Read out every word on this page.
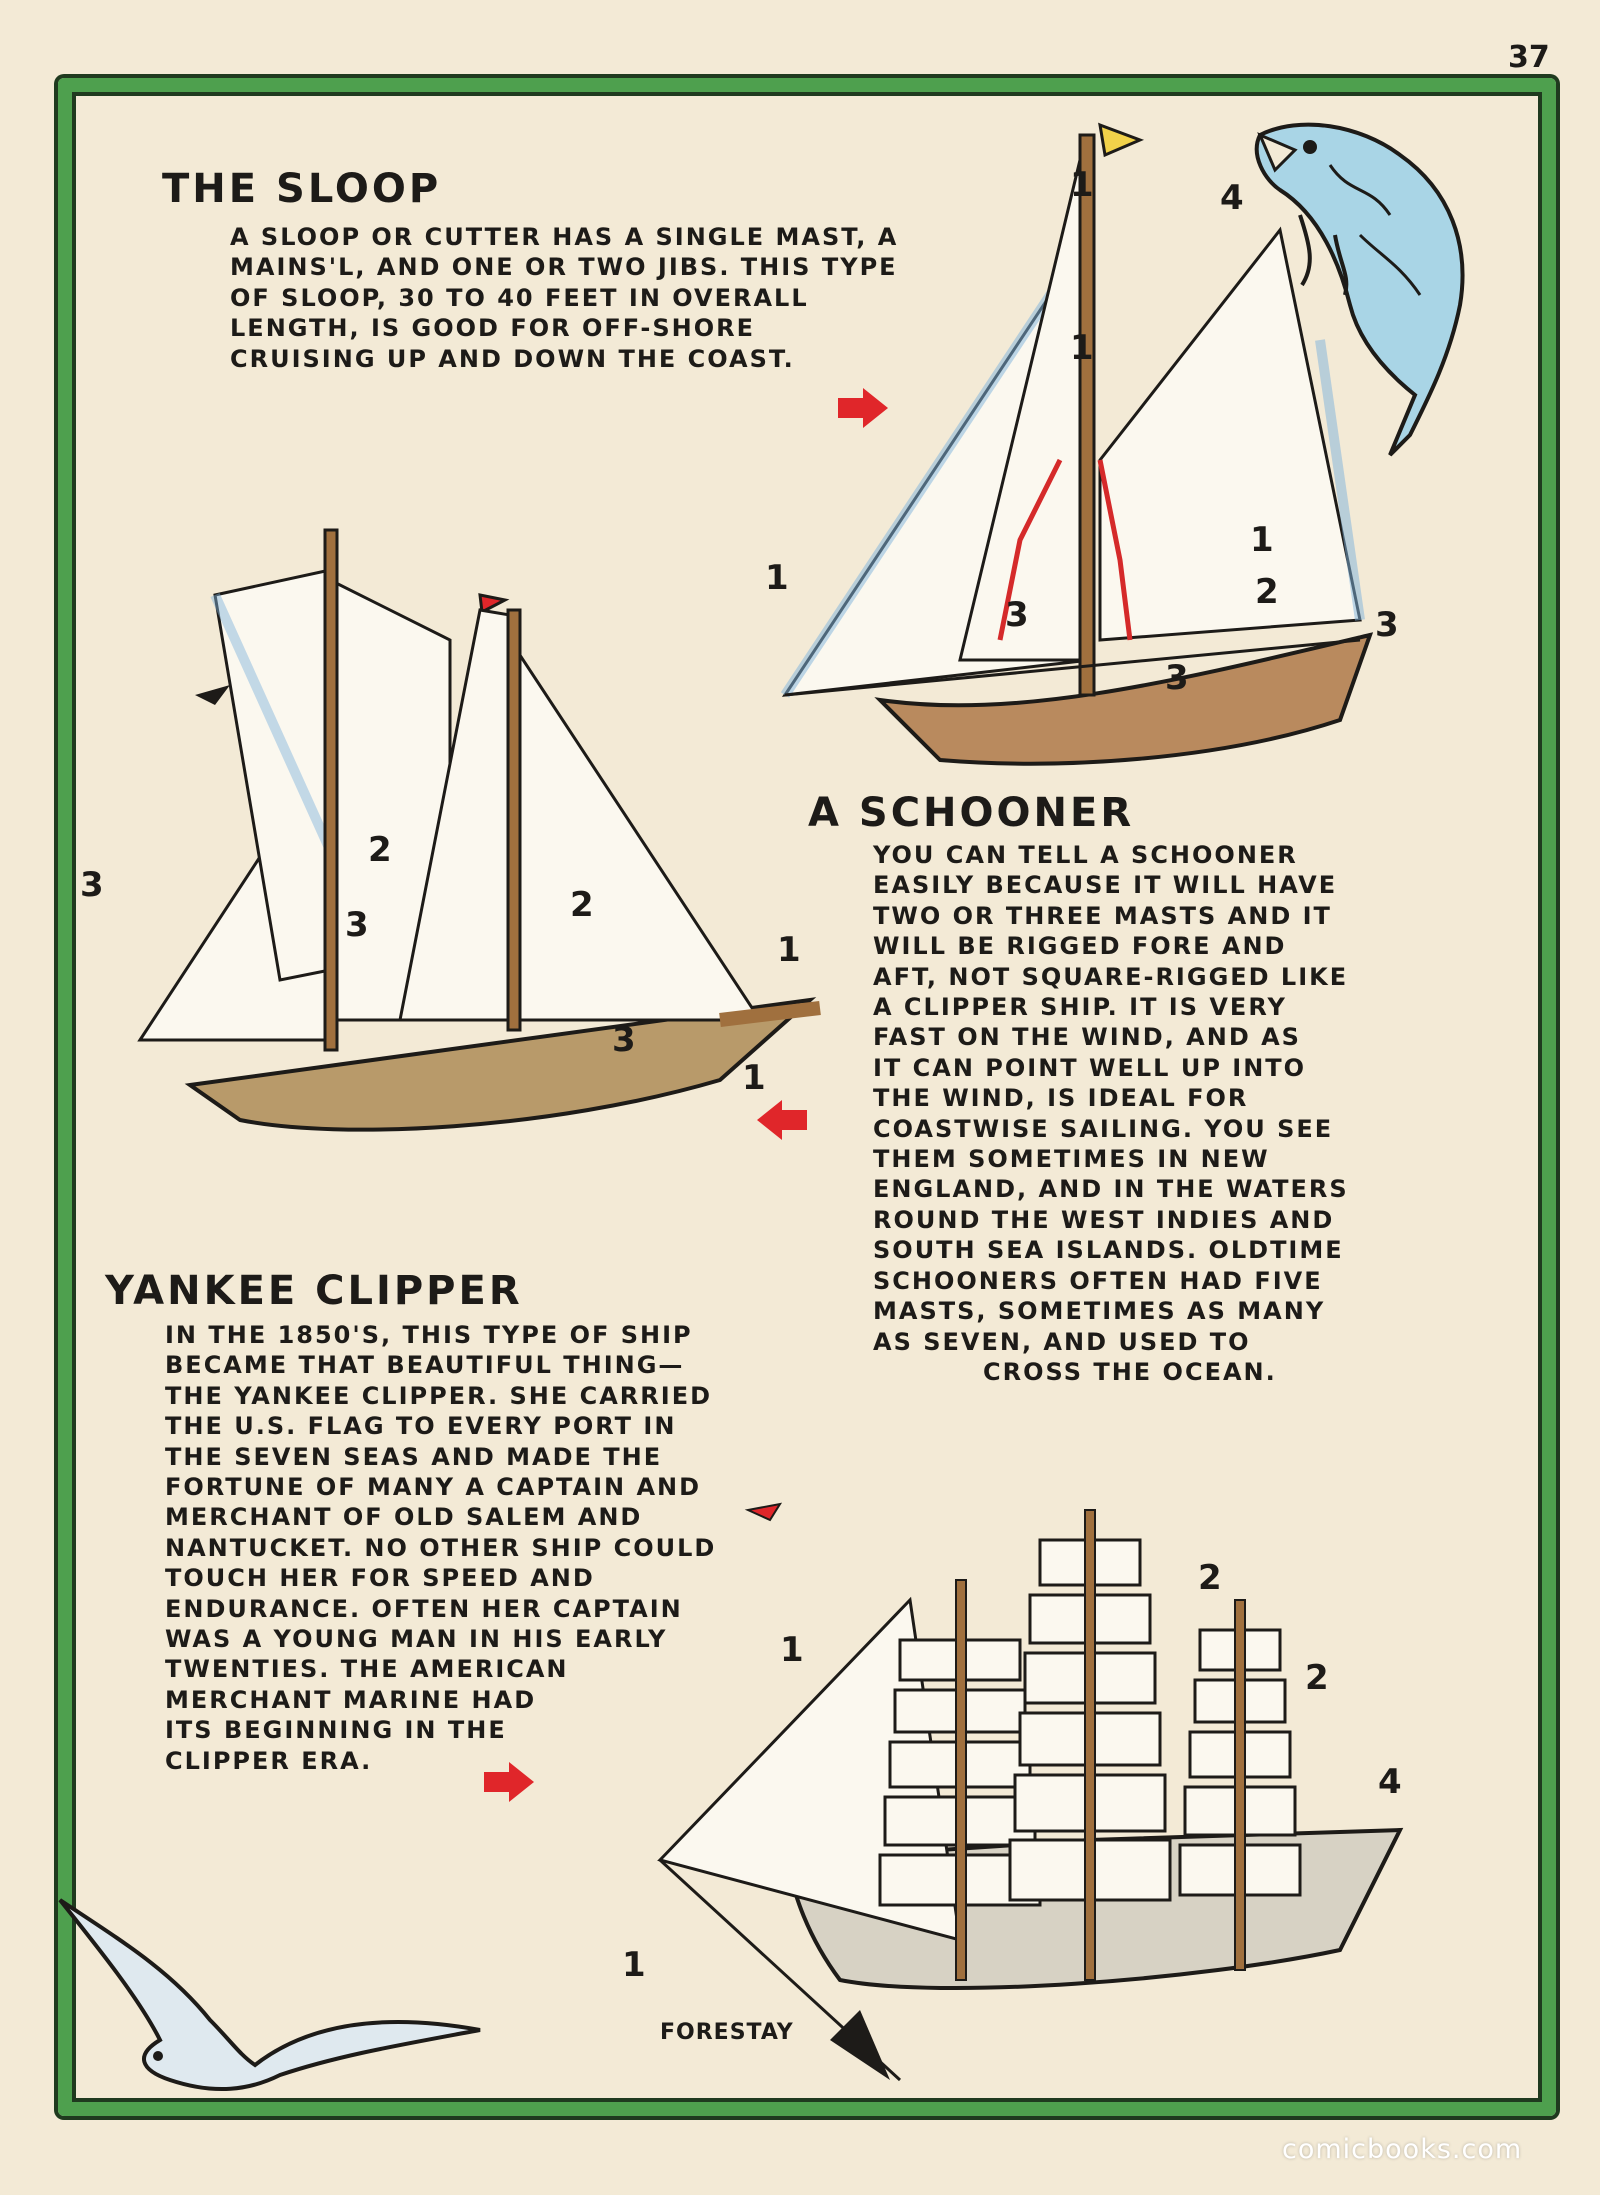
37
THE SLOOP
A SLOOP OR CUTTER HAS A SINGLE MAST, A
MAINS'L, AND ONE OR TWO JIBS. THIS TYPE
OF SLOOP, 30 TO 40 FEET IN OVERALL
LENGTH, IS GOOD FOR OFF-SHORE
CRUISING UP AND DOWN THE COAST.
1	4
1
1
1
2
3	3
3
A SCHOONER
YOU CAN TELL A SCHOONER
EASILY BECAUSE IT WILL HAVE
TWO OR THREE MASTS AND IT
WILL BE RIGGED FORE AND
AFT, NOT SQUARE-RIGGED LIKE
A CLIPPER SHIP. IT IS VERY
FAST ON THE WIND, AND AS
IT CAN POINT WELL UP INTO
THE WIND, IS IDEAL FOR
COASTWISE SAILING. YOU SEE
THEM SOMETIMES IN NEW
ENGLAND, AND IN THE WATERS
ROUND THE WEST INDIES AND
SOUTH SEA ISLANDS. OLDTIME
SCHOONERS OFTEN HAD FIVE
MASTS, SOMETIMES AS MANY
AS SEVEN, AND USED TO
CROSS THE OCEAN.
3
2
3	2
3
1
1
YANKEE CLIPPER
IN THE 1850'S, THIS TYPE OF SHIP
BECAME THAT BEAUTIFUL THING—
THE YANKEE CLIPPER. SHE CARRIED
THE U.S. FLAG TO EVERY PORT IN
THE SEVEN SEAS AND MADE THE
FORTUNE OF MANY A CAPTAIN AND
MERCHANT OF OLD SALEM AND
NANTUCKET. NO OTHER SHIP COULD
TOUCH HER FOR SPEED AND
ENDURANCE. OFTEN HER CAPTAIN
WAS A YOUNG MAN IN HIS EARLY
TWENTIES. THE AMERICAN
MERCHANT MARINE HAD
ITS BEGINNING IN THE
CLIPPER ERA.
2
2
1
4
1
FORESTAY
comicbooks.com
